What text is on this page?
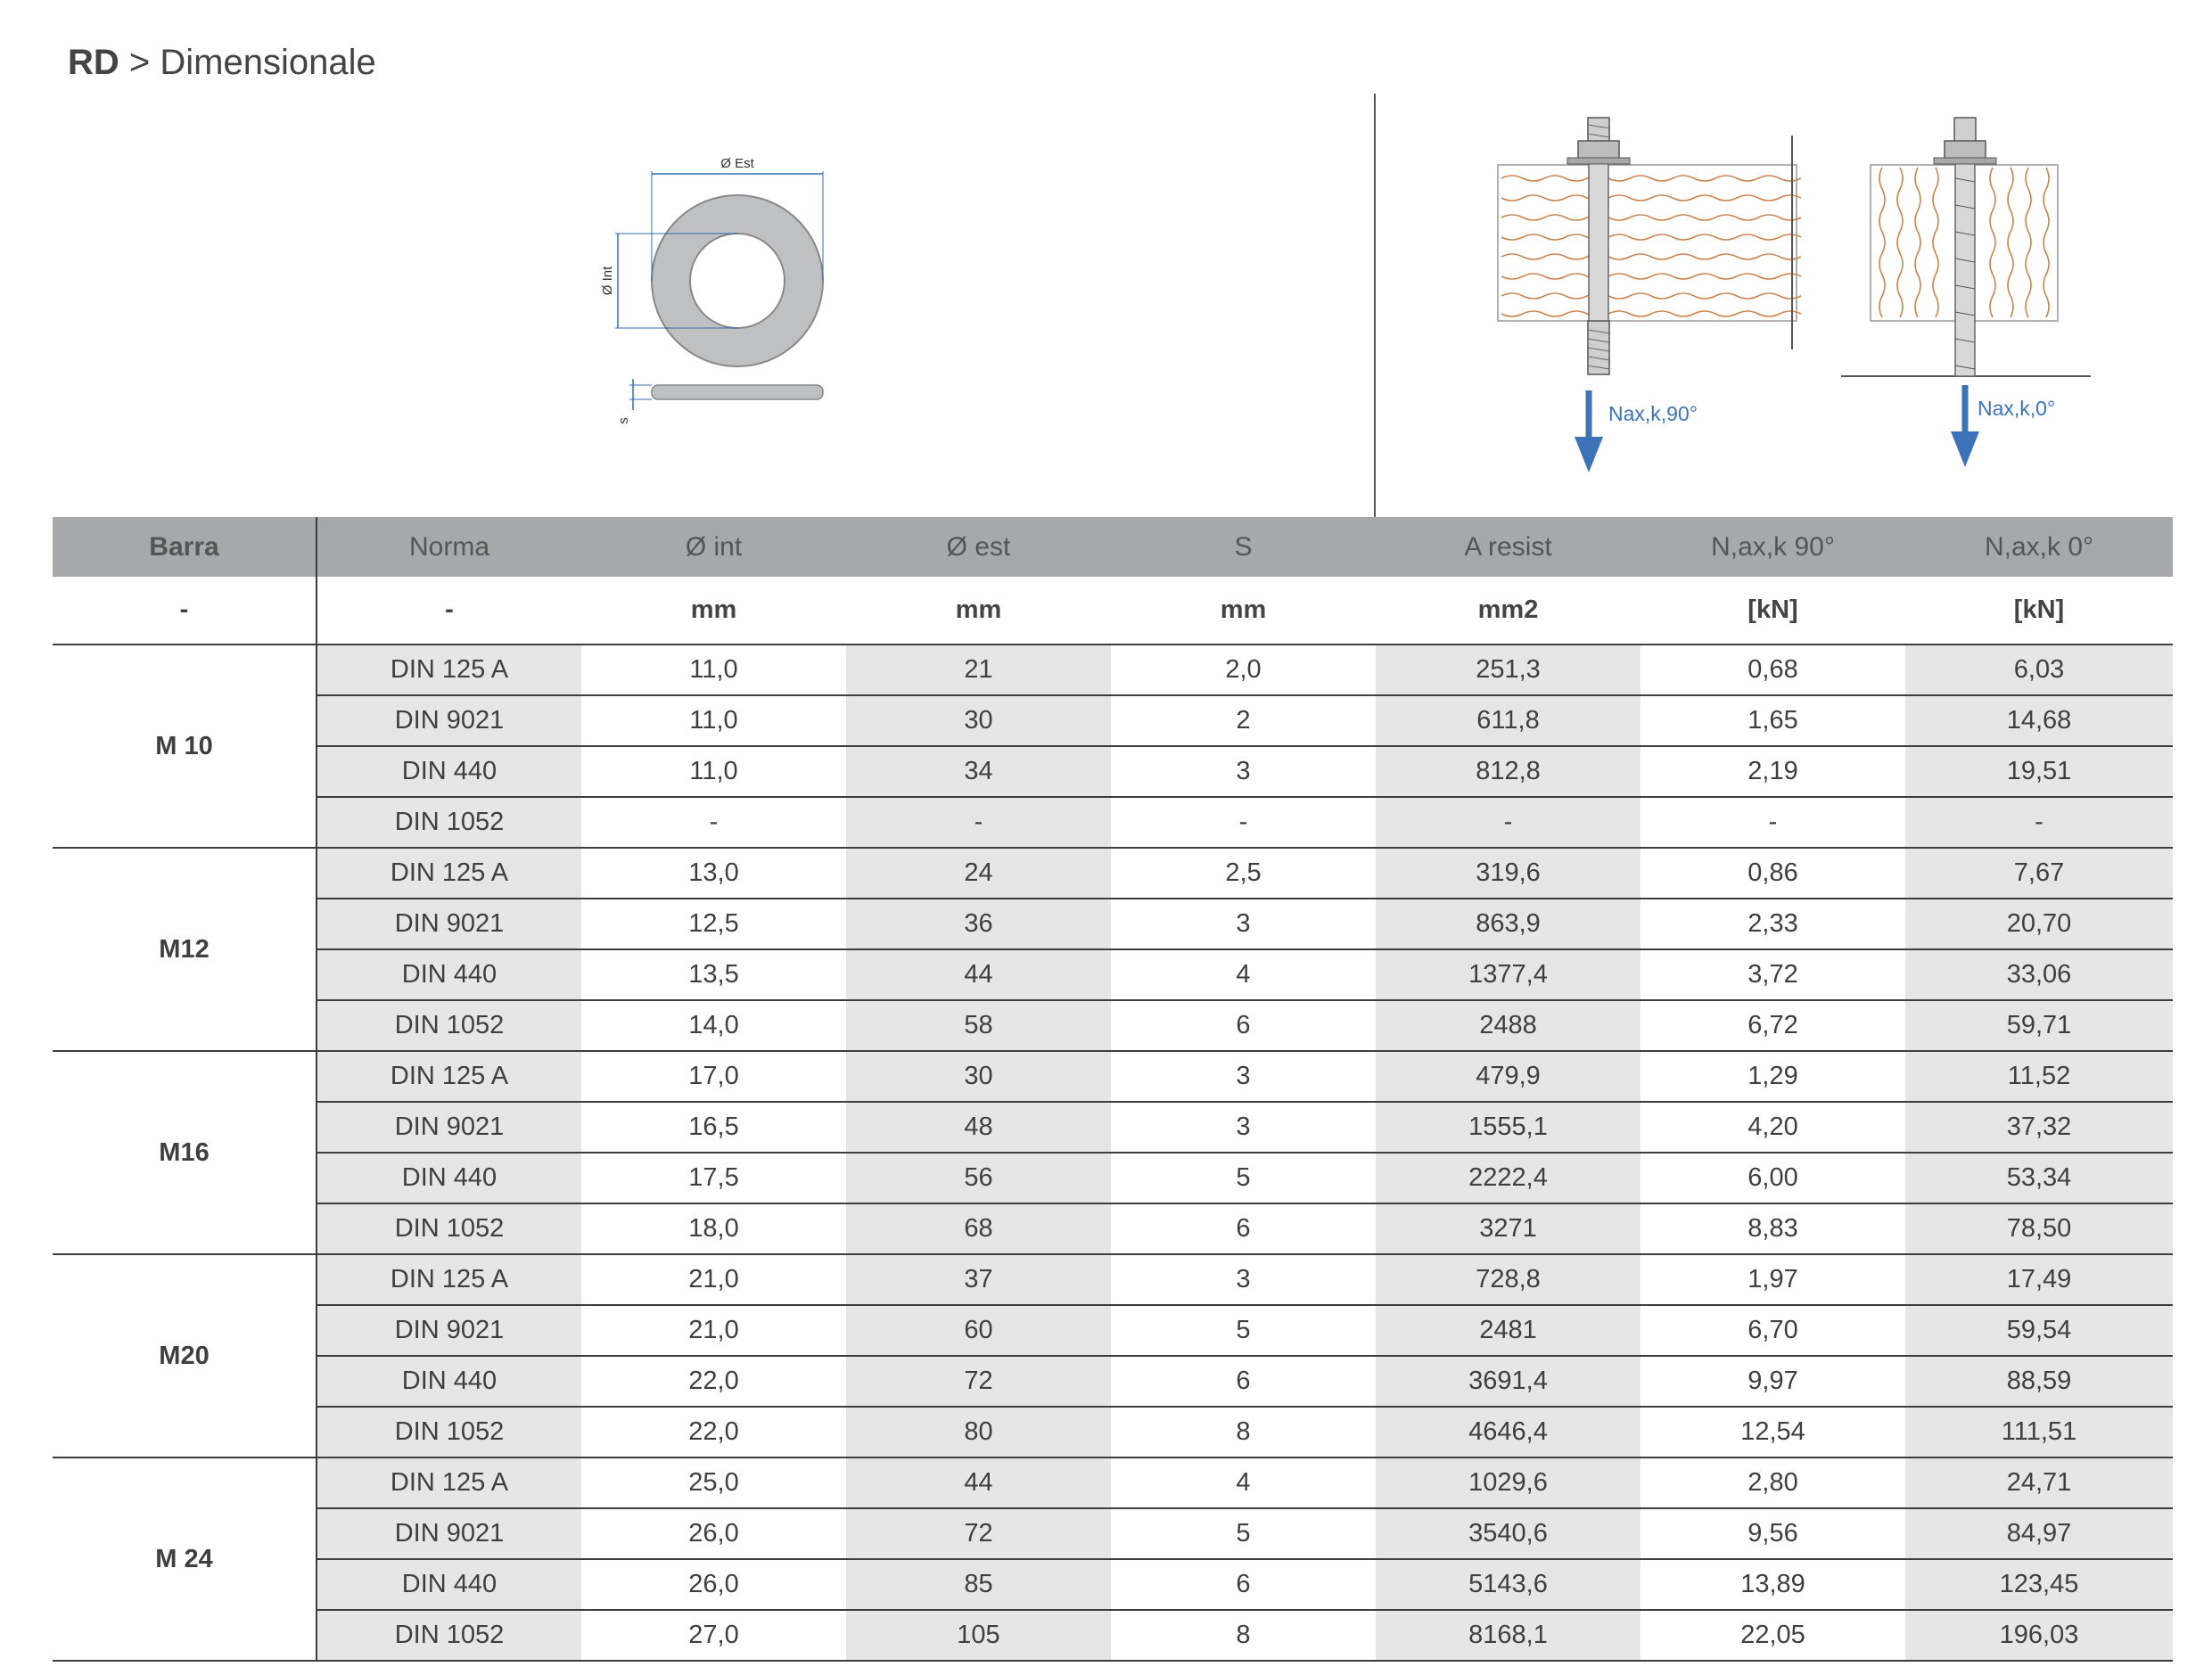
RD > Dimensionale
Ø Est
Ø Int
s	Nax,k,90°	Nax,k,0°
Barra	Norma	Ø int	Ø est	S	A resist	N,ax,k 90°	N,ax,k 0°
-	-	mm	mm	mm	mm2	[kN]	[kN]
M 10	DIN 125 A	11,0	21	2,0	251,3	0,68	6,03
	DIN 9021	11,0	30	2	611,8	1,65	14,68
	DIN 440	11,0	34	3	812,8	2,19	19,51
	DIN 1052	-	-	-	-	-	-
M12	DIN 125 A	13,0	24	2,5	319,6	0,86	7,67
	DIN 9021	12,5	36	3	863,9	2,33	20,70
	DIN 440	13,5	44	4	1377,4	3,72	33,06
	DIN 1052	14,0	58	6	2488	6,72	59,71
M16	DIN 125 A	17,0	30	3	479,9	1,29	11,52
	DIN 9021	16,5	48	3	1555,1	4,20	37,32
	DIN 440	17,5	56	5	2222,4	6,00	53,34
	DIN 1052	18,0	68	6	3271	8,83	78,50
M20	DIN 125 A	21,0	37	3	728,8	1,97	17,49
	DIN 9021	21,0	60	5	2481	6,70	59,54
	DIN 440	22,0	72	6	3691,4	9,97	88,59
	DIN 1052	22,0	80	8	4646,4	12,54	111,51
M 24	DIN 125 A	25,0	44	4	1029,6	2,80	24,71
	DIN 9021	26,0	72	5	3540,6	9,56	84,97
	DIN 440	26,0	85	6	5143,6	13,89	123,45
	DIN 1052	27,0	105	8	8168,1	22,05	196,03
